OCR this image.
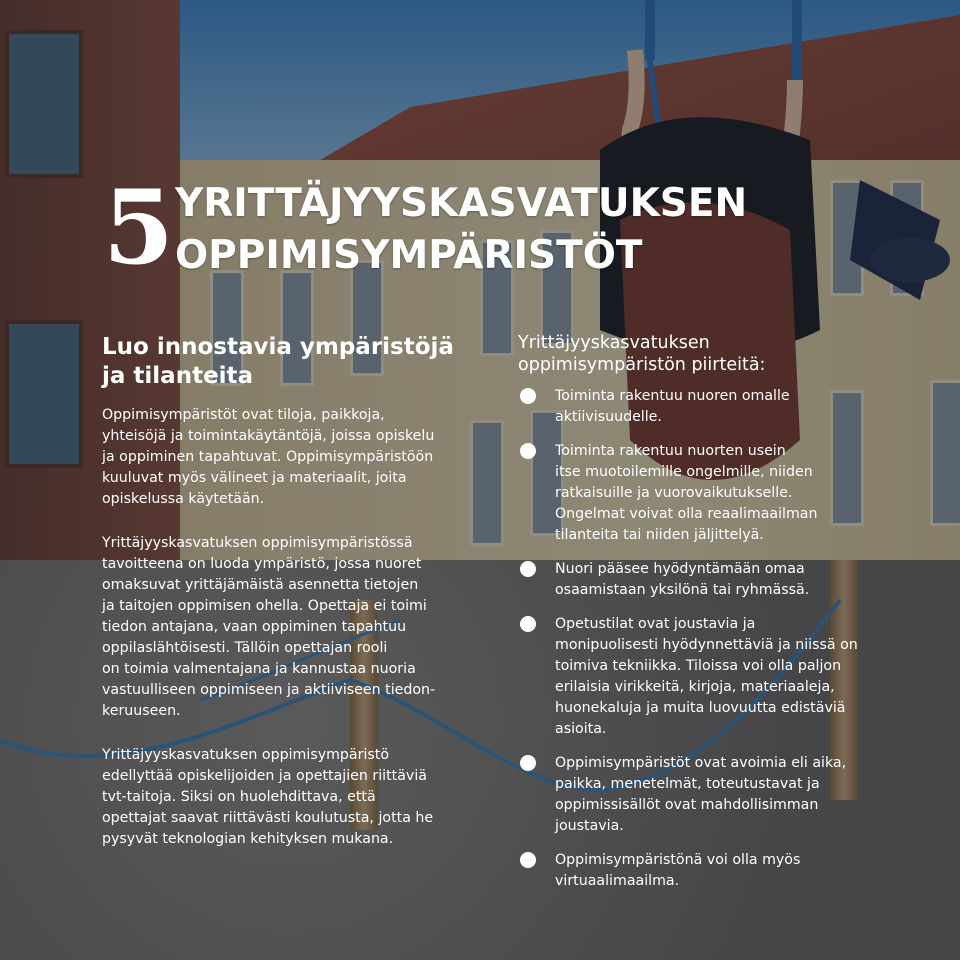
5 YRITTÄJYYSKASVATUKSEN
OPPIMISYMPÄRISTÖT
Luo innostavia ympäristöjä
ja tilanteita
Oppimisympäristöt ovat tiloja, paikkoja,
yhteisöjä ja toimintakäytäntöjä, joissa opiskelu
ja oppiminen tapahtuvat. Oppimisympäristöön
kuuluvat myös välineet ja materiaalit, joita
opiskelussa käytetään.
Yrittäjyyskasvatuksen oppimisympäristössä
tavoitteena on luoda ympäristö, jossa nuoret
omaksuvat yrittäjämäistä asennetta tietojen
ja taitojen oppimisen ohella. Opettaja ei toimi
tiedon antajana, vaan oppiminen tapahtuu
oppilaslähtöisesti. Tällöin opettajan rooli
on toimia valmentajana ja kannustaa nuoria
vastuulliseen oppimiseen ja aktiiviseen tiedon-
keruuseen.
Yrittäjyyskasvatuksen oppimisympäristö
edellyttää opiskelijoiden ja opettajien riittäviä
tvt-taitoja. Siksi on huolehdittava, että
opettajat saavat riittävästi koulutusta, jotta he
pysyvät teknologian kehityksen mukana.
Yrittäjyyskasvatuksen
oppimisympäristön piirteitä:
Toiminta rakentuu nuoren omalle
aktiivisuudelle.
Toiminta rakentuu nuorten usein
itse muotoilemille ongelmille, niiden
ratkaisuille ja vuorovaikutukselle.
Ongelmat voivat olla reaalimaailman
tilanteita tai niiden jäljittelyä.
Nuori pääsee hyödyntämään omaa
osaamistaan yksilönä tai ryhmässä.
Opetustilat ovat joustavia ja
monipuolisesti hyödynnettäviä ja niissä on
toimiva tekniikka. Tiloissa voi olla paljon
erilaisia virikkeitä, kirjoja, materiaaleja,
huonekaluja ja muita luovuutta edistäviä
asioita.
Oppimisympäristöt ovat avoimia eli aika,
paikka, menetelmät, toteutustavat ja
oppimissisällöt ovat mahdollisimman
joustavia.
Oppimisympäristönä voi olla myös
virtuaalimaailma.
